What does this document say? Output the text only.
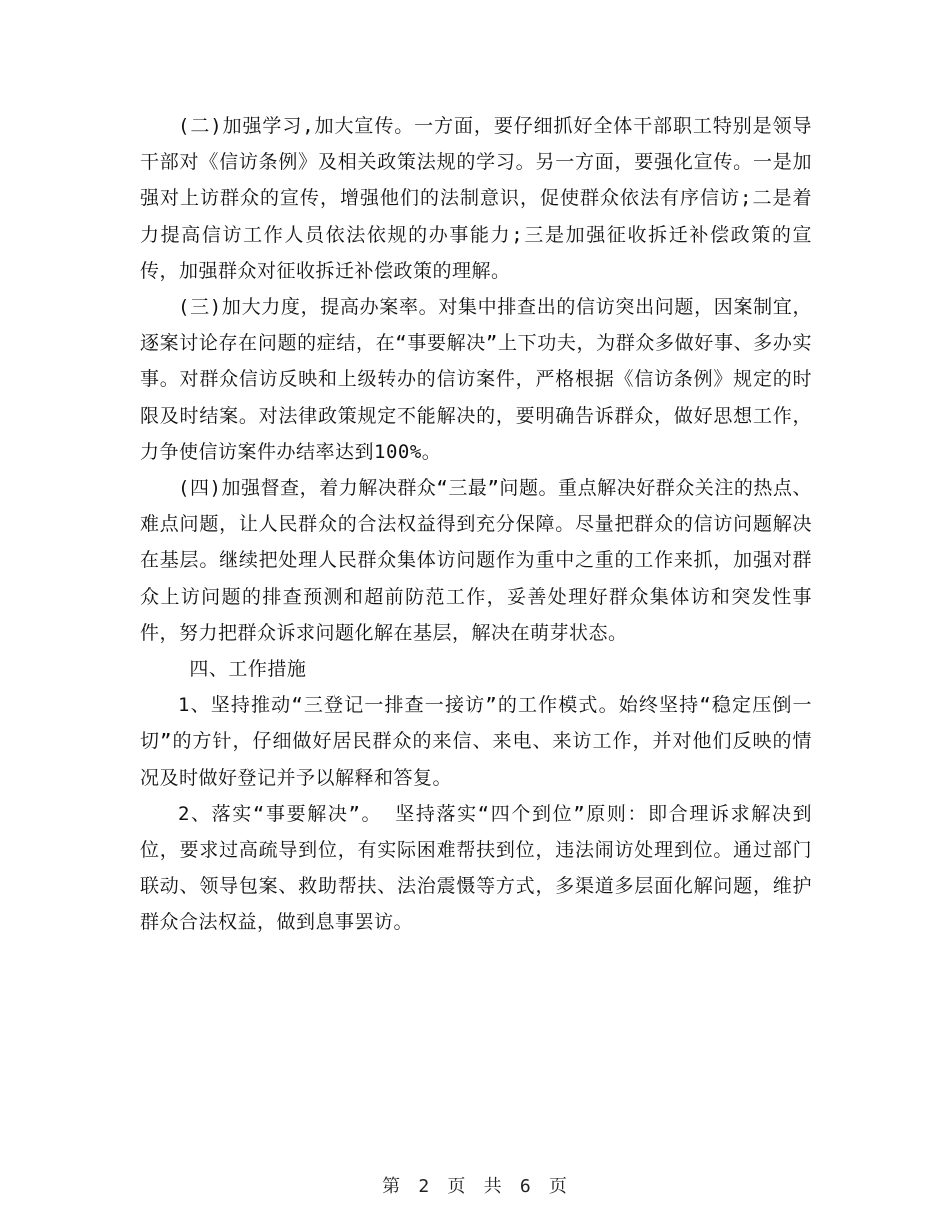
(二)加强学习,加大宣传。一方面，要仔细抓好全体干部职工特别是领导干部对《信访条例》及相关政策法规的学习。另一方面，要强化宣传。一是加强对上访群众的宣传，增强他们的法制意识，促使群众依法有序信访;二是着力提高信访工作人员依法依规的办事能力;三是加强征收拆迁补偿政策的宣传，加强群众对征收拆迁补偿政策的理解。

(三)加大力度，提高办案率。对集中排查出的信访突出问题，因案制宜，逐案讨论存在问题的症结，在“事要解决”上下功夫，为群众多做好事、多办实事。对群众信访反映和上级转办的信访案件，严格根据《信访条例》规定的时限及时结案。对法律政策规定不能解决的，要明确告诉群众，做好思想工作，力争使信访案件办结率达到100%。

(四)加强督查，着力解决群众“三最”问题。重点解决好群众关注的热点、难点问题，让人民群众的合法权益得到充分保障。尽量把群众的信访问题解决在基层。继续把处理人民群众集体访问题作为重中之重的工作来抓，加强对群众上访问题的排查预测和超前防范工作，妥善处理好群众集体访和突发性事件，努力把群众诉求问题化解在基层，解决在萌芽状态。

四、工作措施

1、坚持推动“三登记一排查一接访”的工作模式。始终坚持“稳定压倒一切”的方针，仔细做好居民群众的来信、来电、来访工作，并对他们反映的情况及时做好登记并予以解释和答复。

2、落实“事要解决”。 坚持落实“四个到位”原则：即合理诉求解决到位，要求过高疏导到位，有实际困难帮扶到位，违法闹访处理到位。通过部门联动、领导包案、救助帮扶、法治震慑等方式，多渠道多层面化解问题，维护群众合法权益，做到息事罢访。

第 2 页 共 6 页
